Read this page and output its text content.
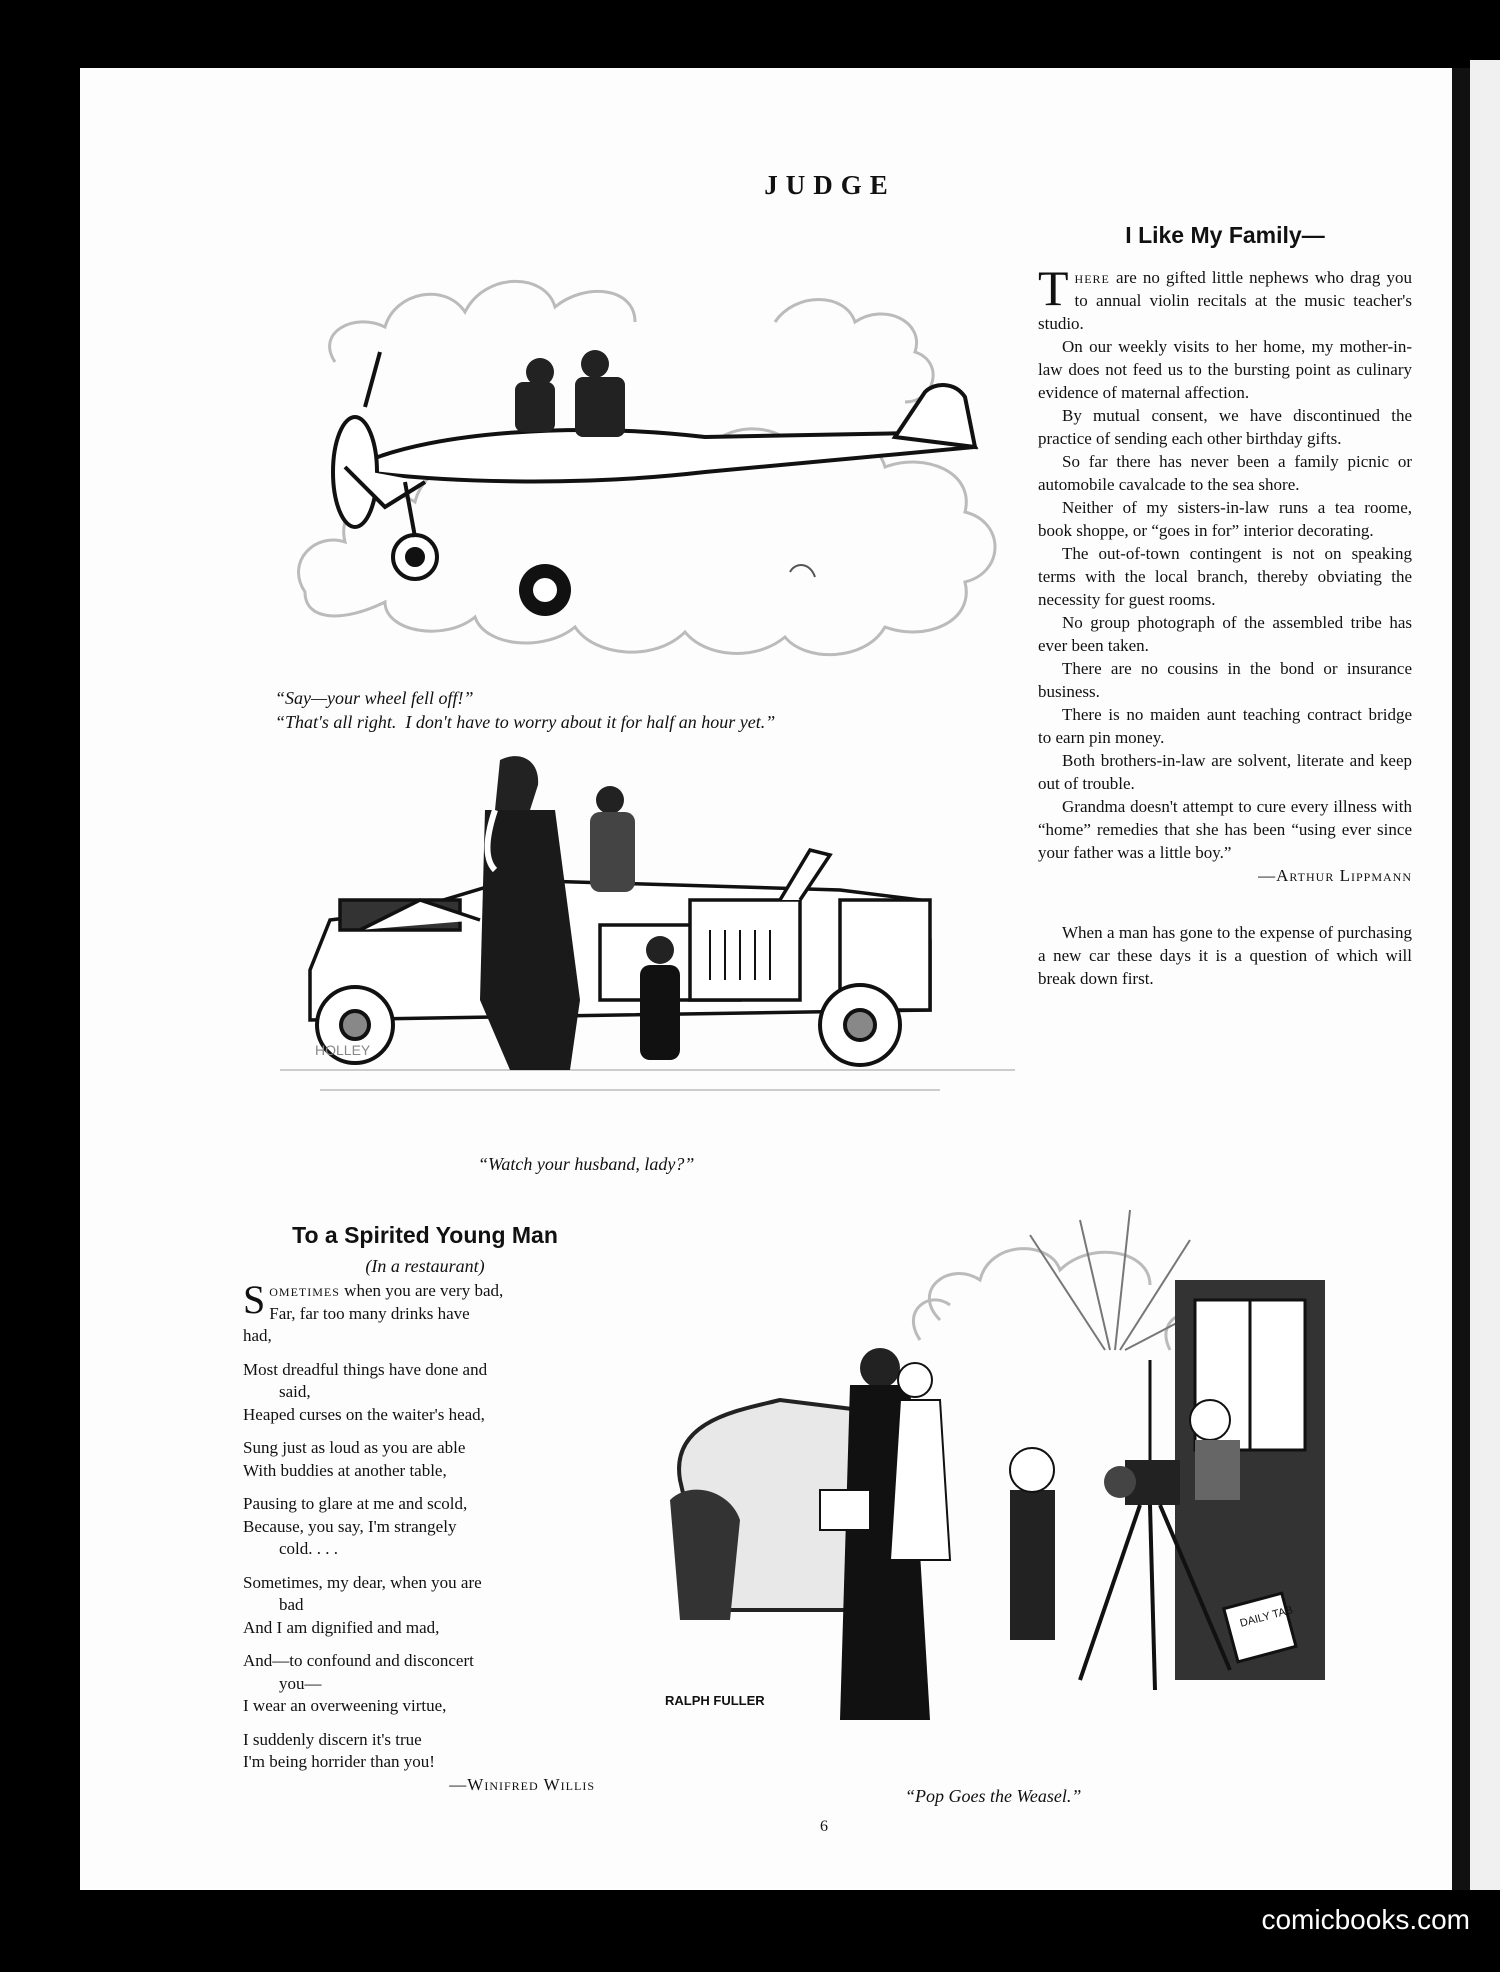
JUDGE
“Say—your wheel fell off!”
“That's all right.  I don't have to worry about it for half an hour yet.”
HOLLEY
“Watch your husband, lady?”
I Like My Family—

There are no gifted little nephews who drag you to annual violin recitals at the music teacher's studio.

On our weekly visits to her home, my mother-in-law does not feed us to the bursting point as culinary evidence of maternal affection.

By mutual consent, we have discontinued the practice of sending each other birthday gifts.

So far there has never been a family picnic or automobile cavalcade to the sea shore.

Neither of my sisters-in-law runs a tea roome, book shoppe, or “goes in for” interior decorating.

The out-of-town contingent is not on speaking terms with the local branch, thereby obviating the necessity for guest rooms.

No group photograph of the assembled tribe has ever been taken.

There are no cousins in the bond or insurance business.

There is no maiden aunt teaching contract bridge to earn pin money.

Both brothers-in-law are solvent, literate and keep out of trouble.

Grandma doesn't attempt to cure every illness with “home” remedies that she has been “using ever since your father was a little boy.”

—Arthur Lippmann

When a man has gone to the expense of purchasing a new car these days it is a question of which will break down first.

To a Spirited Young Man
(In a restaurant)
Sometimes when you are very bad,
Far, far too many drinks have
had,
Most dreadful things have done and
said,
Heaped curses on the waiter's head,
Sung just as loud as you are able
With buddies at another table,
Pausing to glare at me and scold,
Because, you say, I'm strangely
cold. . . .
Sometimes, my dear, when you are
bad
And I am dignified and mad,
And—to confound and disconcert
you—
I wear an overweening virtue,
I suddenly discern it's true
I'm being horrider than you!
—Winifred Willis
DAILY TAB
RALPH FULLER
“Pop Goes the Weasel.”
6
comicbooks.com
